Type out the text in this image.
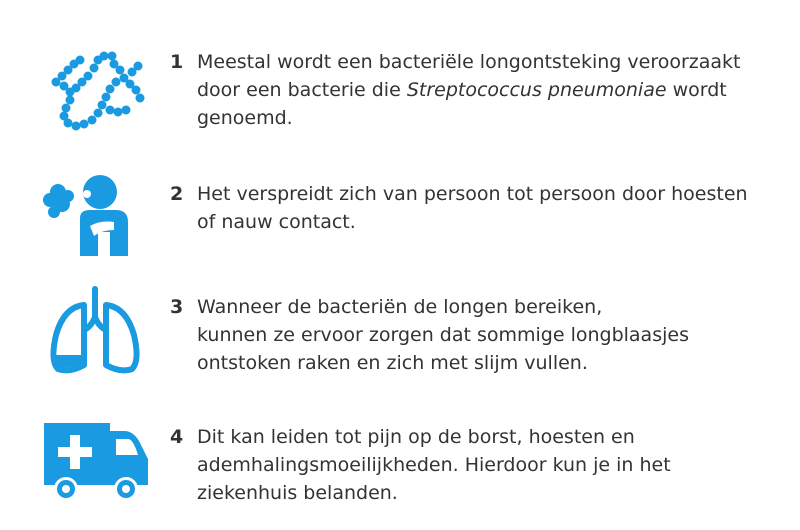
1 Meestal wordt een bacteriële longontsteking veroorzaakt door een bacterie die Streptococcus pneumoniae wordt genoemd.
2 Het verspreidt zich van persoon tot persoon door hoesten of nauw contact.
3 Wanneer de bacteriën de longen bereiken,
kunnen ze ervoor zorgen dat sommige longblaasjes
ontstoken raken en zich met slijm vullen.
4 Dit kan leiden tot pijn op de borst, hoesten en ademhalingsmoeilijkheden. Hierdoor kun je in het ziekenhuis belanden.
